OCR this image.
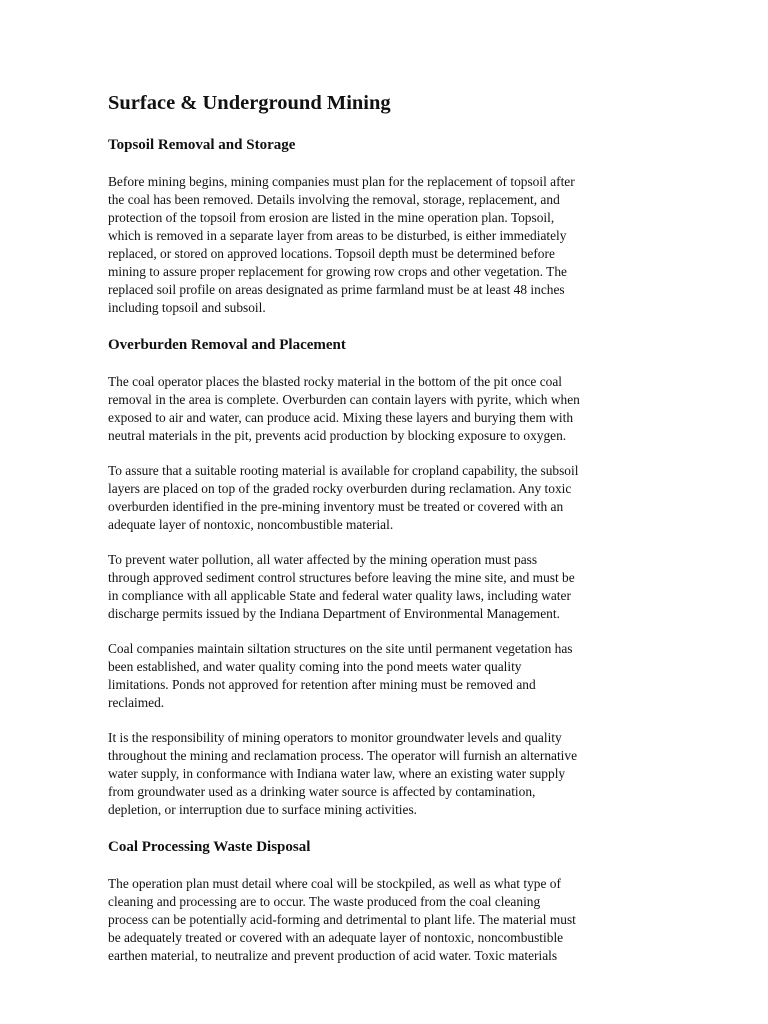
Surface & Underground Mining
Topsoil Removal and Storage

Before mining begins, mining companies must plan for the replacement of topsoil after
the coal has been removed. Details involving the removal, storage, replacement, and
protection of the topsoil from erosion are listed in the mine operation plan. Topsoil,
which is removed in a separate layer from areas to be disturbed, is either immediately
replaced, or stored on approved locations. Topsoil depth must be determined before
mining to assure proper replacement for growing row crops and other vegetation. The
replaced soil profile on areas designated as prime farmland must be at least 48 inches
including topsoil and subsoil.

Overburden Removal and Placement

The coal operator places the blasted rocky material in the bottom of the pit once coal
removal in the area is complete. Overburden can contain layers with pyrite, which when
exposed to air and water, can produce acid. Mixing these layers and burying them with
neutral materials in the pit, prevents acid production by blocking exposure to oxygen.

To assure that a suitable rooting material is available for cropland capability, the subsoil
layers are placed on top of the graded rocky overburden during reclamation. Any toxic
overburden identified in the pre-mining inventory must be treated or covered with an
adequate layer of nontoxic, noncombustible material.

To prevent water pollution, all water affected by the mining operation must pass
through approved sediment control structures before leaving the mine site, and must be
in compliance with all applicable State and federal water quality laws, including water
discharge permits issued by the Indiana Department of Environmental Management.

Coal companies maintain siltation structures on the site until permanent vegetation has
been established, and water quality coming into the pond meets water quality
limitations. Ponds not approved for retention after mining must be removed and
reclaimed.

It is the responsibility of mining operators to monitor groundwater levels and quality
throughout the mining and reclamation process. The operator will furnish an alternative
water supply, in conformance with Indiana water law, where an existing water supply
from groundwater used as a drinking water source is affected by contamination,
depletion, or interruption due to surface mining activities.

Coal Processing Waste Disposal

The operation plan must detail where coal will be stockpiled, as well as what type of
cleaning and processing are to occur. The waste produced from the coal cleaning
process can be potentially acid-forming and detrimental to plant life. The material must
be adequately treated or covered with an adequate layer of nontoxic, noncombustible
earthen material, to neutralize and prevent production of acid water. Toxic materials
